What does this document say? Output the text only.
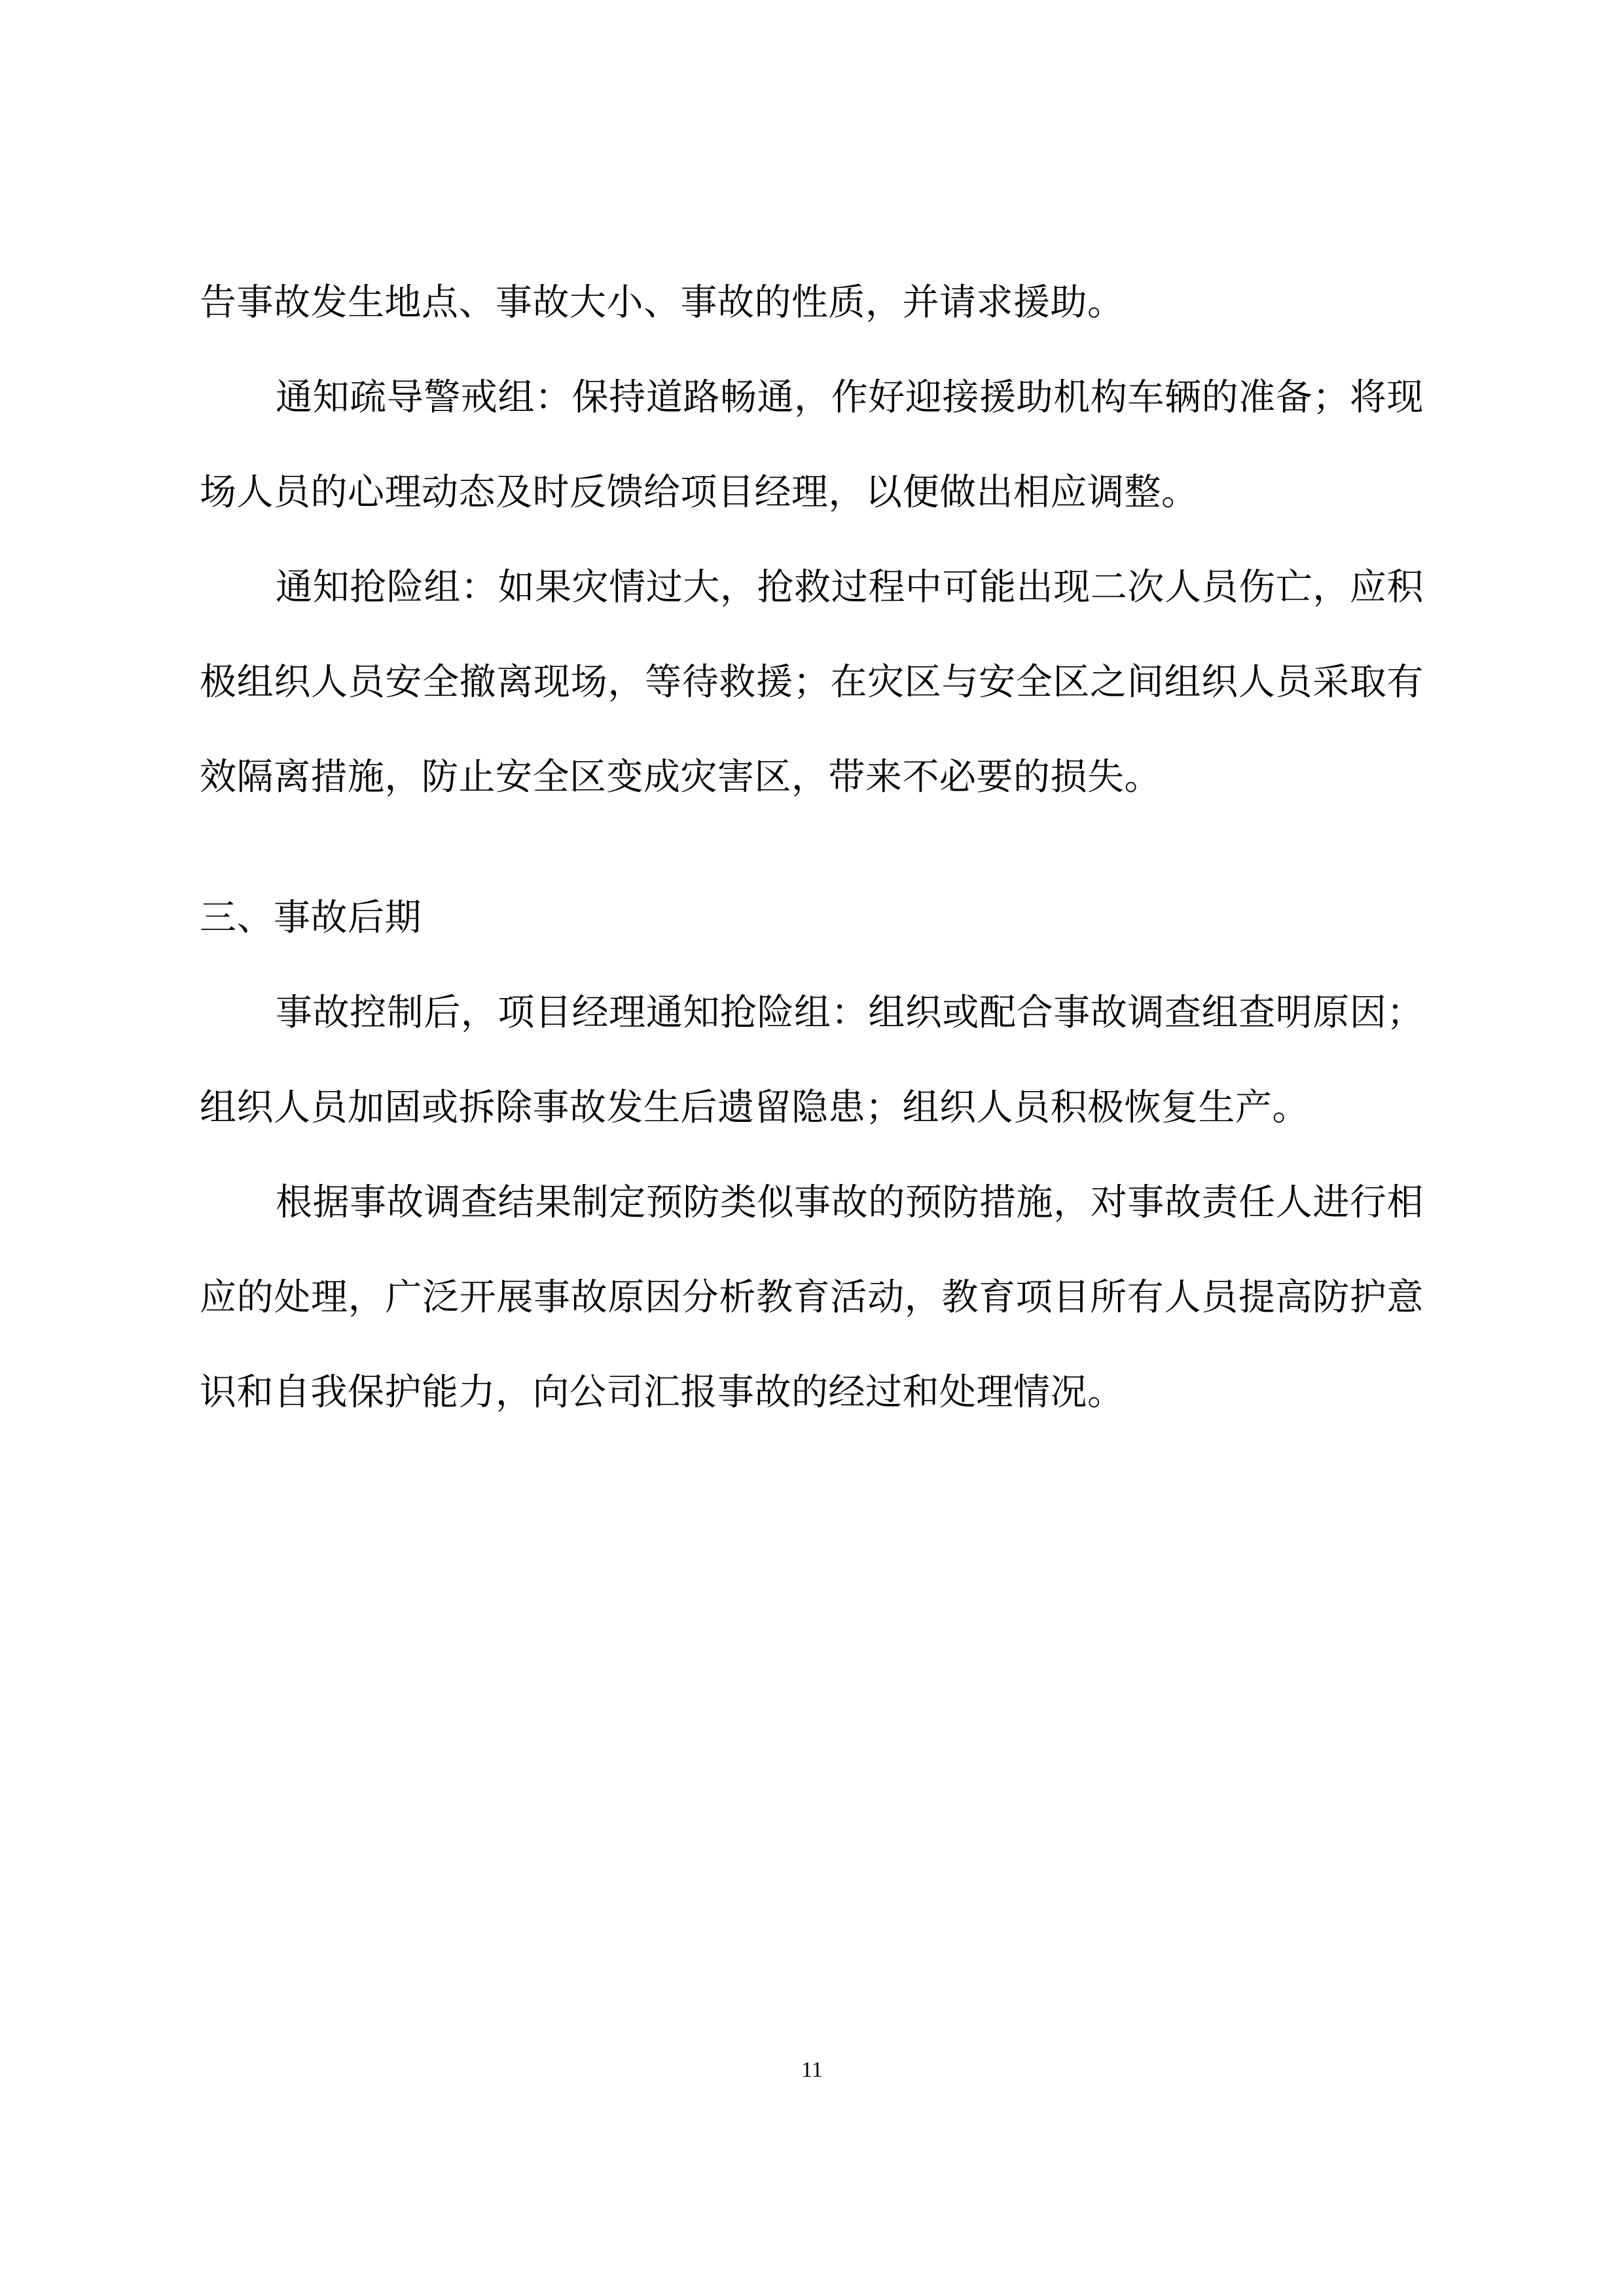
告事故发生地点、事故大小、事故的性质，并请求援助。

通知疏导警戒组：保持道路畅通，作好迎接援助机构车辆的准备；将现场人员的心理动态及时反馈给项目经理，以便做出相应调整。

通知抢险组：如果灾情过大，抢救过程中可能出现二次人员伤亡，应积极组织人员安全撤离现场，等待救援；在灾区与安全区之间组织人员采取有效隔离措施，防止安全区变成灾害区，带来不必要的损失。

三、事故后期

事故控制后，项目经理通知抢险组：组织或配合事故调查组查明原因；组织人员加固或拆除事故发生后遗留隐患；组织人员积极恢复生产。

根据事故调查结果制定预防类似事故的预防措施，对事故责任人进行相应的处理，广泛开展事故原因分析教育活动，教育项目所有人员提高防护意识和自我保护能力，向公司汇报事故的经过和处理情况。

11
